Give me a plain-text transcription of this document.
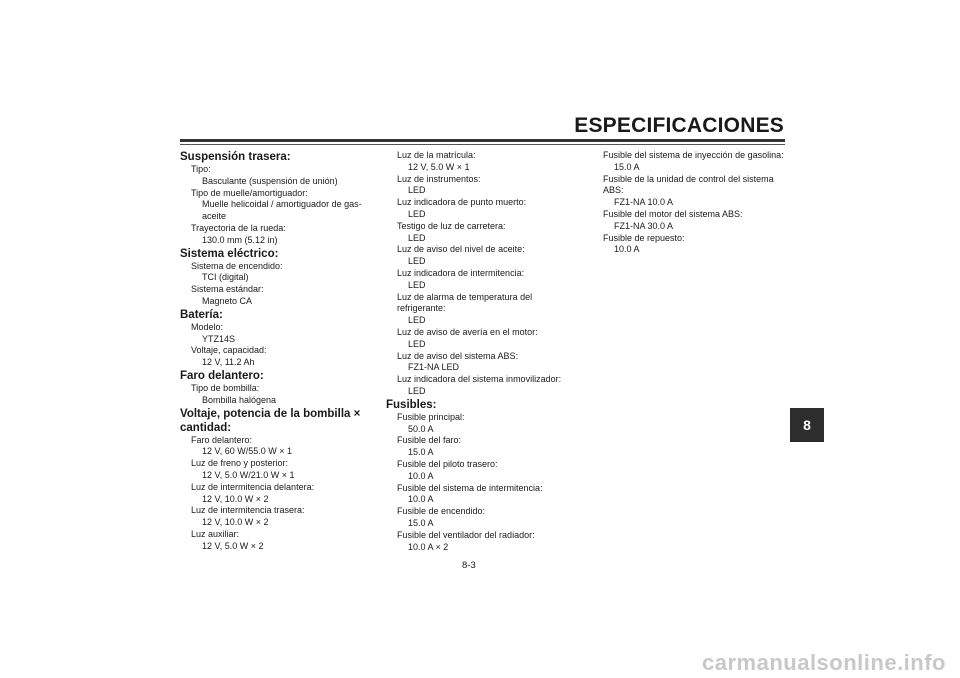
ESPECIFICACIONES
8
Suspensión trasera:
Tipo:
Basculante (suspensión de unión)
Tipo de muelle/amortiguador:
Muelle helicoidal / amortiguador de gas-
aceite
Trayectoria de la rueda:
130.0 mm (5.12 in)
Sistema eléctrico:
Sistema de encendido:
TCI (digital)
Sistema estándar:
Magneto CA
Batería:
Modelo:
YTZ14S
Voltaje, capacidad:
12 V, 11.2 Ah
Faro delantero:
Tipo de bombilla:
Bombilla halógena
Voltaje, potencia de la bombilla ×
cantidad:
Faro delantero:
12 V, 60 W/55.0 W × 1
Luz de freno y posterior:
12 V, 5.0 W/21.0 W × 1
Luz de intermitencia delantera:
12 V, 10.0 W × 2
Luz de intermitencia trasera:
12 V, 10.0 W × 2
Luz auxiliar:
12 V, 5.0 W × 2
Luz de la matrícula:
12 V, 5.0 W × 1
Luz de instrumentos:
LED
Luz indicadora de punto muerto:
LED
Testigo de luz de carretera:
LED
Luz de aviso del nivel de aceite:
LED
Luz indicadora de intermitencia:
LED
Luz de alarma de temperatura del
refrigerante:
LED
Luz de aviso de avería en el motor:
LED
Luz de aviso del sistema ABS:
FZ1-NA LED
Luz indicadora del sistema inmovilizador:
LED
Fusibles:
Fusible principal:
50.0 A
Fusible del faro:
15.0 A
Fusible del piloto trasero:
10.0 A
Fusible del sistema de intermitencia:
10.0 A
Fusible de encendido:
15.0 A
Fusible del ventilador del radiador:
10.0 A × 2
Fusible del sistema de inyección de gasolina:
15.0 A
Fusible de la unidad de control del sistema
ABS:
FZ1-NA 10.0 A
Fusible del motor del sistema ABS:
FZ1-NA 30.0 A
Fusible de repuesto:
10.0 A
8-3
carmanualsonline.info
